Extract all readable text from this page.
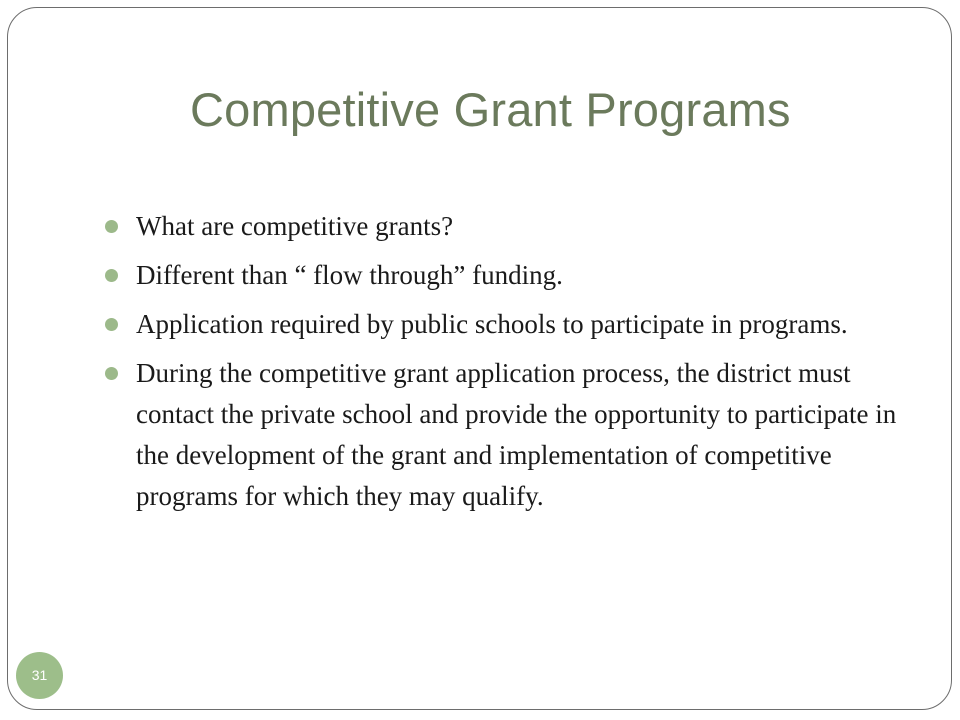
Competitive Grant Programs
What are competitive grants?
Different than “ flow through” funding.
Application required by public schools to participate in programs.
During the competitive grant application process, the district must contact the private school and provide the opportunity to participate in the development of the grant and implementation of competitive programs for which they may qualify.
31
